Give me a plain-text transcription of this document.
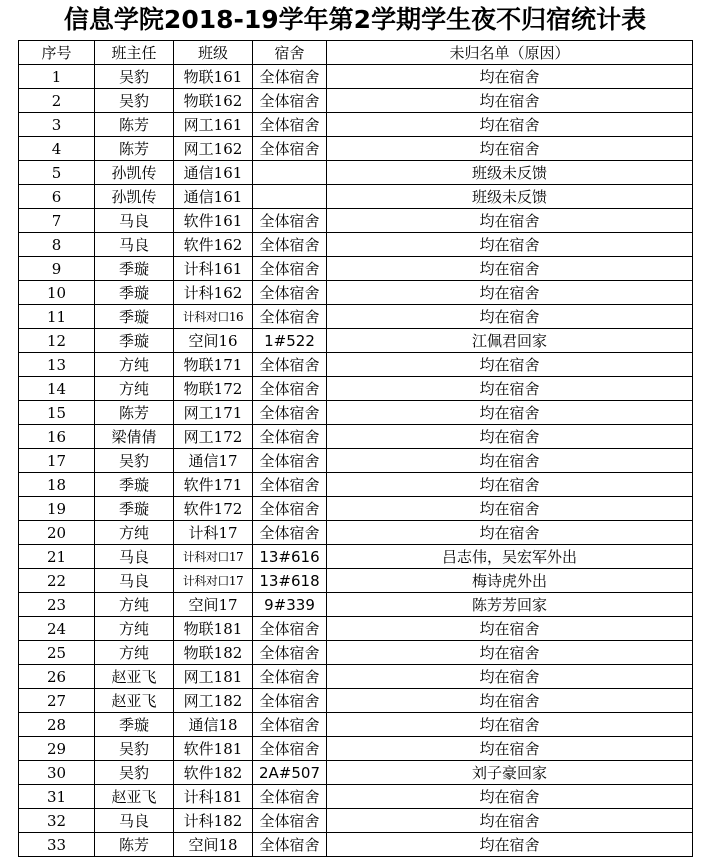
信息学院2018-19学年第2学期学生夜不归宿统计表
序号	班主任	班级	宿舍	未归名单（原因）
1	吴豹	物联161	全体宿舍	均在宿舍
2	吴豹	物联162	全体宿舍	均在宿舍
3	陈芳	网工161	全体宿舍	均在宿舍
4	陈芳	网工162	全体宿舍	均在宿舍
5	孙凯传	通信161		班级未反馈
6	孙凯传	通信161		班级未反馈
7	马良	软件161	全体宿舍	均在宿舍
8	马良	软件162	全体宿舍	均在宿舍
9	季璇	计科161	全体宿舍	均在宿舍
10	季璇	计科162	全体宿舍	均在宿舍
11	季璇	计科对口16	全体宿舍	均在宿舍
12	季璇	空间16	1#522	江佩君回家
13	方纯	物联171	全体宿舍	均在宿舍
14	方纯	物联172	全体宿舍	均在宿舍
15	陈芳	网工171	全体宿舍	均在宿舍
16	梁倩倩	网工172	全体宿舍	均在宿舍
17	吴豹	通信17	全体宿舍	均在宿舍
18	季璇	软件171	全体宿舍	均在宿舍
19	季璇	软件172	全体宿舍	均在宿舍
20	方纯	计科17	全体宿舍	均在宿舍
21	马良	计科对口17	13#616	吕志伟，吴宏军外出
22	马良	计科对口17	13#618	梅诗虎外出
23	方纯	空间17	9#339	陈芳芳回家
24	方纯	物联181	全体宿舍	均在宿舍
25	方纯	物联182	全体宿舍	均在宿舍
26	赵亚飞	网工181	全体宿舍	均在宿舍
27	赵亚飞	网工182	全体宿舍	均在宿舍
28	季璇	通信18	全体宿舍	均在宿舍
29	吴豹	软件181	全体宿舍	均在宿舍
30	吴豹	软件182	2A#507	刘子豪回家
31	赵亚飞	计科181	全体宿舍	均在宿舍
32	马良	计科182	全体宿舍	均在宿舍
33	陈芳	空间18	全体宿舍	均在宿舍
